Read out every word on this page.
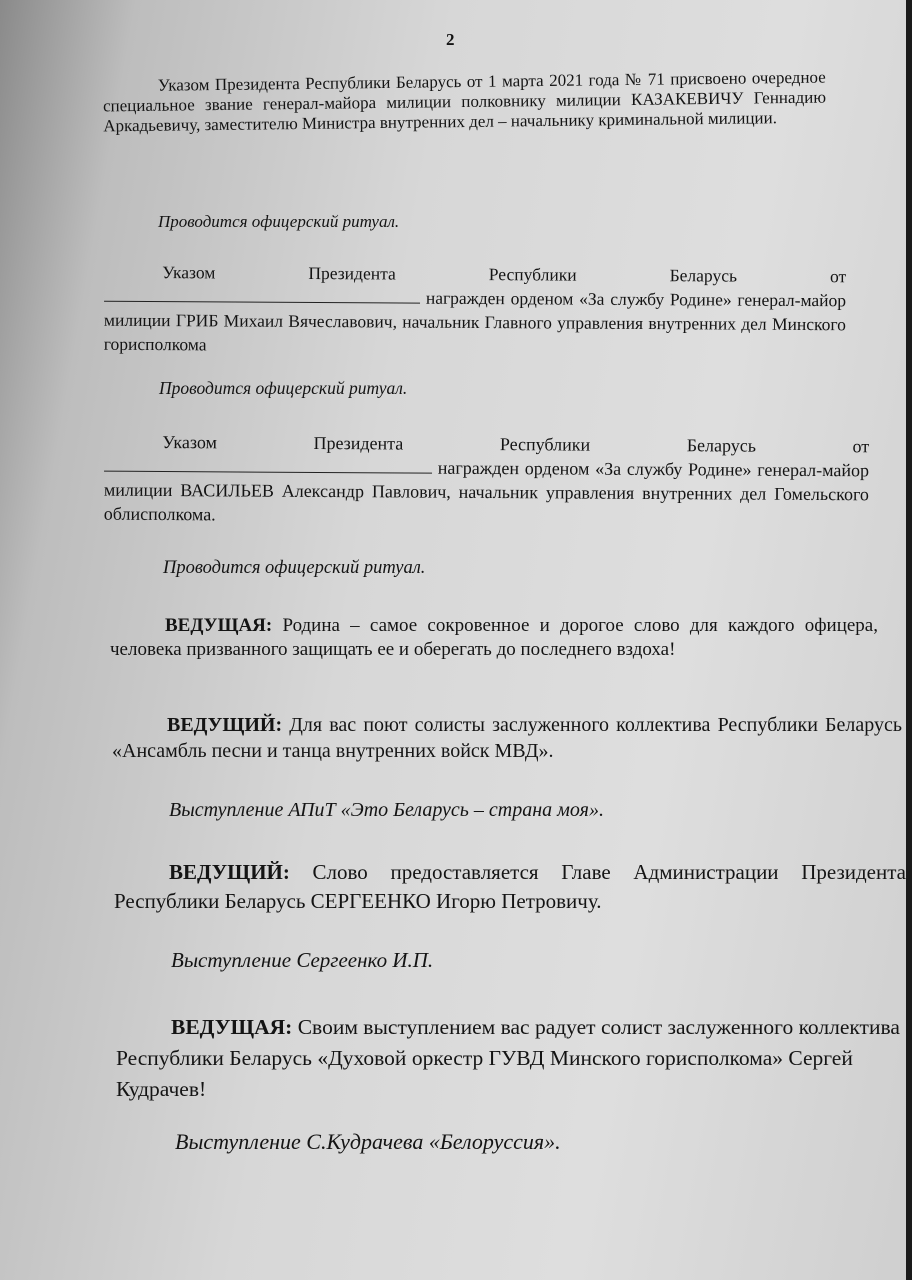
2

Указом Президента Республики Беларусь от 1 марта 2021 года № 71 присвоено очередное специальное звание генерал-майора милиции полковнику милиции КАЗАКЕВИЧУ Геннадию Аркадьевичу, заместителю Министра внутренних дел – начальнику криминальной милиции.

Проводится офицерский ритуал.

Указом Президента Республики Беларусь от
награжден орденом «За службу Родине» генерал-майор милиции ГРИБ Михаил Вячеславович, начальник Главного управления внутренних дел Минского горисполкома

Проводится офицерский ритуал.

Указом Президента Республики Беларусь от
награжден орденом «За службу Родине» генерал-майор милиции ВАСИЛЬЕВ Александр Павлович, начальник управления внутренних дел Гомельского облисполкома.

Проводится офицерский ритуал.

ВЕДУЩАЯ: Родина – самое сокровенное и дорогое слово для каждого офицера, человека призванного защищать ее и оберегать до последнего вздоха!

ВЕДУЩИЙ: Для вас поют солисты заслуженного коллектива Республики Беларусь «Ансамбль песни и танца внутренних войск МВД».

Выступление АПиТ «Это Беларусь – страна моя».

ВЕДУЩИЙ: Слово предоставляется Главе Администрации Президента Республики Беларусь СЕРГЕЕНКО Игорю Петровичу.

Выступление Сергеенко И.П.

ВЕДУЩАЯ: Своим выступлением вас радует солист заслуженного коллектива Республики Беларусь «Духовой оркестр ГУВД Минского горисполкома» Сергей Кудрачев!

Выступление С.Кудрачева «Белоруссия».
